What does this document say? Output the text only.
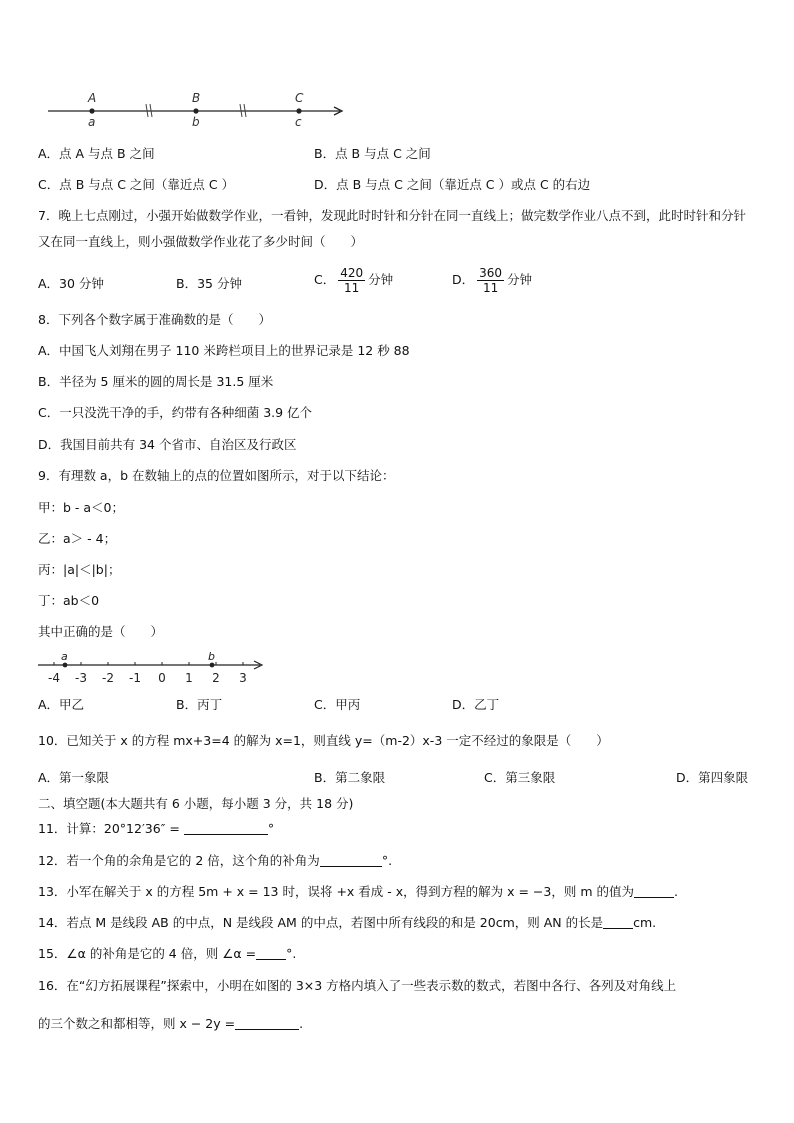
A	B	C
a	b	c
A．点 A 与点 B 之间	B．点 B 与点 C 之间
C．点 B 与点 C 之间（靠近点 C ）	D．点 B 与点 C 之间（靠近点 C ）或点 C 的右边
7．晚上七点刚过，小强开始做数学作业，一看钟，发现此时时针和分针在同一直线上；做完数学作业八点不到，此时时针和分针又在同一直线上，则小强做数学作业花了多少时间（　　）
A．30 分钟	B．35 分钟	C． $\frac{420}{11}$ 分钟	D． $\frac{360}{11}$ 分钟
8．下列各个数字属于准确数的是（　　）
A．中国飞人刘翔在男子 110 米跨栏项目上的世界记录是 12 秒 88
B．半径为 5 厘米的圆的周长是 31.5 厘米
C．一只没洗干净的手，约带有各种细菌 3.9 亿个
D．我国目前共有 34 个省市、自治区及行政区
9．有理数 a，b 在数轴上的点的位置如图所示，对于以下结论：
甲：b - a＜0；
乙：a＞ - 4；
丙：|a|＜|b|；
丁：ab＜0
其中正确的是（　　）
-4 -3 -2 -1 0 1 2 3
a	b
A．甲乙	B．丙丁	C．甲丙	D．乙丁
10．已知关于 x 的方程 mx+3=4 的解为 x=1，则直线 y=（m-2）x-3 一定不经过的象限是（　　）
A．第一象限	B．第二象限	C．第三象限	D．第四象限
二、填空题(本大题共有 6 小题，每小题 3 分，共 18 分)
11．计算：20°12′36″ =	°
12．若一个角的余角是它的 2 倍，这个角的补角为	°.
13．小军在解关于 x 的方程 5m + x = 13 时，误将 +x 看成 - x，得到方程的解为 x = −3，则 m 的值为	.
14．若点 M 是线段 AB 的中点，N 是线段 AM 的中点，若图中所有线段的和是 20cm，则 AN 的长是 cm.
15．∠α 的补角是它的 4 倍，则 ∠α = °.
16．在“幻方拓展课程”探索中，小明在如图的 3×3 方格内填入了一些表示数的数式，若图中各行、各列及对角线上
的三个数之和都相等，则 x − 2y =	.
